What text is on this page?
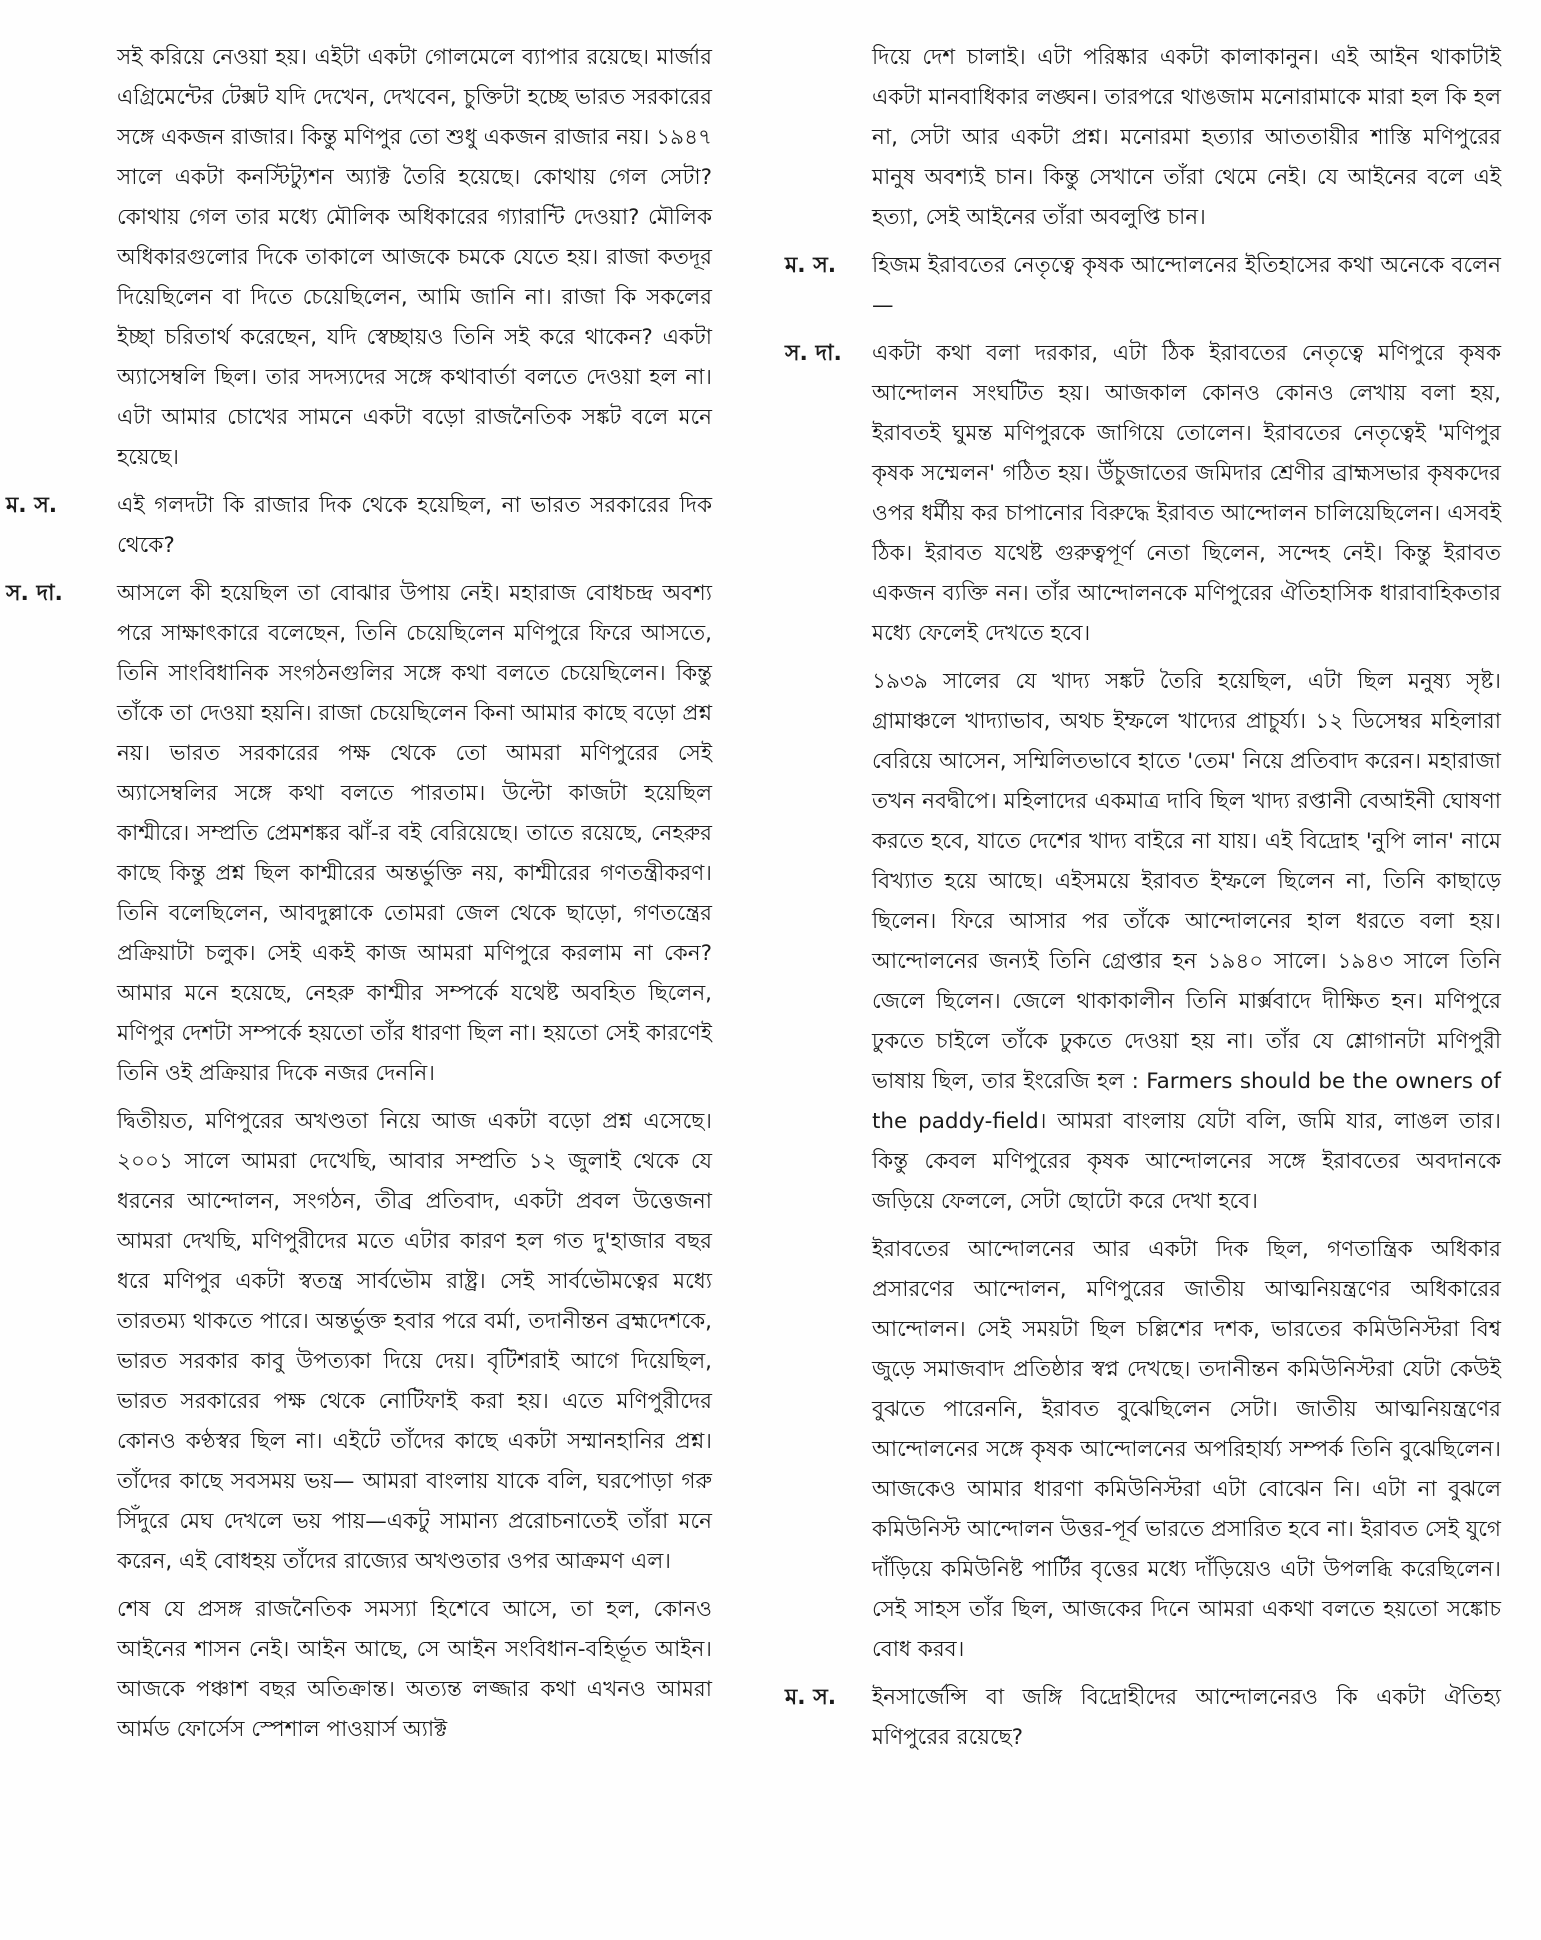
সই করিয়ে নেওয়া হয়। এইটা একটা গোলমেলে ব্যাপার রয়েছে। মার্জার এগ্রিমেন্টের টেক্সট যদি দেখেন, দেখবেন, চুক্তিটা হচ্ছে ভারত সরকারের সঙ্গে একজন রাজার। কিন্তু মণিপুর তো শুধু একজন রাজার নয়। ১৯৪৭ সালে একটা কনস্টিট্যুশন অ্যাক্ট তৈরি হয়েছে। কোথায় গেল সেটা? কোথায় গেল তার মধ্যে মৌলিক অধিকারের গ্যারান্টি দেওয়া? মৌলিক অধিকারগুলোর দিকে তাকালে আজকে চমকে যেতে হয়। রাজা কতদূর দিয়েছিলেন বা দিতে চেয়েছিলেন, আমি জানি না। রাজা কি সকলের ইচ্ছা চরিতার্থ করেছেন, যদি স্বেচ্ছায়ও তিনি সই করে থাকেন? একটা অ্যাসেম্বলি ছিল। তার সদস্যদের সঙ্গে কথাবার্তা বলতে দেওয়া হল না। এটা আমার চোখের সামনে একটা বড়ো রাজনৈতিক সঙ্কট বলে মনে হয়েছে।
ম. স.	এই গলদটা কি রাজার দিক থেকে হয়েছিল, না ভারত সরকারের দিক থেকে?
স. দা.	আসলে কী হয়েছিল তা বোঝার উপায় নেই। মহারাজ বোধচন্দ্র অবশ্য পরে সাক্ষাৎকারে বলেছেন, তিনি চেয়েছিলেন মণিপুরে ফিরে আসতে, তিনি সাংবিধানিক সংগঠনগুলির সঙ্গে কথা বলতে চেয়েছিলেন। কিন্তু তাঁকে তা দেওয়া হয়নি। রাজা চেয়েছিলেন কিনা আমার কাছে বড়ো প্রশ্ন নয়। ভারত সরকারের পক্ষ থেকে তো আমরা মণিপুরের সেই অ্যাসেম্বলির সঙ্গে কথা বলতে পারতাম। উল্টো কাজটা হয়েছিল কাশ্মীরে। সম্প্রতি প্রেমশঙ্কর ঝাঁ-র বই বেরিয়েছে। তাতে রয়েছে, নেহরুর কাছে কিন্তু প্রশ্ন ছিল কাশ্মীরের অন্তর্ভুক্তি নয়, কাশ্মীরের গণতন্ত্রীকরণ। তিনি বলেছিলেন, আবদুল্লাকে তোমরা জেল থেকে ছাড়ো, গণতন্ত্রের প্রক্রিয়াটা চলুক। সেই একই কাজ আমরা মণিপুরে করলাম না কেন? আমার মনে হয়েছে, নেহরু কাশ্মীর সম্পর্কে যথেষ্ট অবহিত ছিলেন, মণিপুর দেশটা সম্পর্কে হয়তো তাঁর ধারণা ছিল না। হয়তো সেই কারণেই তিনি ওই প্রক্রিয়ার দিকে নজর দেননি।
দ্বিতীয়ত, মণিপুরের অখণ্ডতা নিয়ে আজ একটা বড়ো প্রশ্ন এসেছে। ২০০১ সালে আমরা দেখেছি, আবার সম্প্রতি ১২ জুলাই থেকে যে ধরনের আন্দোলন, সংগঠন, তীব্র প্রতিবাদ, একটা প্রবল উত্তেজনা আমরা দেখছি, মণিপুরীদের মতে এটার কারণ হল গত দু'হাজার বছর ধরে মণিপুর একটা স্বতন্ত্র সার্বভৌম রাষ্ট্র। সেই সার্বভৌমত্বের মধ্যে তারতম্য থাকতে পারে। অন্তর্ভুক্ত হবার পরে বর্মা, তদানীন্তন ব্রহ্মদেশকে, ভারত সরকার কাবু উপত্যকা দিয়ে দেয়। বৃটিশরাই আগে দিয়েছিল, ভারত সরকারের পক্ষ থেকে নোটিফাই করা হয়। এতে মণিপুরীদের কোনও কণ্ঠস্বর ছিল না। এইটে তাঁদের কাছে একটা সম্মানহানির প্রশ্ন। তাঁদের কাছে সবসময় ভয়— আমরা বাংলায় যাকে বলি, ঘরপোড়া গরু সিঁদুরে মেঘ দেখলে ভয় পায়—একটু সামান্য প্ররোচনাতেই তাঁরা মনে করেন, এই বোধহয় তাঁদের রাজ্যের অখণ্ডতার ওপর আক্রমণ এল।
শেষ যে প্রসঙ্গ রাজনৈতিক সমস্যা হিশেবে আসে, তা হল, কোনও আইনের শাসন নেই। আইন আছে, সে আইন সংবিধান-বহির্ভূত আইন। আজকে পঞ্চাশ বছর অতিক্রান্ত। অত্যন্ত লজ্জার কথা এখনও আমরা আর্মড ফোর্সেস স্পেশাল পাওয়ার্স অ্যাক্ট
দিয়ে দেশ চালাই। এটা পরিষ্কার একটা কালাকানুন। এই আইন থাকাটাই একটা মানবাধিকার লঙ্ঘন। তারপরে থাঙজাম মনোরামাকে মারা হল কি হল না, সেটা আর একটা প্রশ্ন। মনোরমা হত্যার আততায়ীর শাস্তি মণিপুরের মানুষ অবশ্যই চান। কিন্তু সেখানে তাঁরা থেমে নেই। যে আইনের বলে এই হত্যা, সেই আইনের তাঁরা অবলুপ্তি চান।
ম. স.	হিজম ইরাবতের নেতৃত্বে কৃষক আন্দোলনের ইতিহাসের কথা অনেকে বলেন—
স. দা.	একটা কথা বলা দরকার, এটা ঠিক ইরাবতের নেতৃত্বে মণিপুরে কৃষক আন্দোলন সংঘটিত হয়। আজকাল কোনও কোনও লেখায় বলা হয়, ইরাবতই ঘুমন্ত মণিপুরকে জাগিয়ে তোলেন। ইরাবতের নেতৃত্বেই 'মণিপুর কৃষক সম্মেলন' গঠিত হয়। উঁচুজাতের জমিদার শ্রেণীর ব্রাহ্মসভার কৃষকদের ওপর ধর্মীয় কর চাপানোর বিরুদ্ধে ইরাবত আন্দোলন চালিয়েছিলেন। এসবই ঠিক। ইরাবত যথেষ্ট গুরুত্বপূর্ণ নেতা ছিলেন, সন্দেহ নেই। কিন্তু ইরাবত একজন ব্যক্তি নন। তাঁর আন্দোলনকে মণিপুরের ঐতিহাসিক ধারাবাহিকতার মধ্যে ফেলেই দেখতে হবে।
১৯৩৯ সালের যে খাদ্য সঙ্কট তৈরি হয়েছিল, এটা ছিল মনুষ্য সৃষ্ট। গ্রামাঞ্চলে খাদ্যাভাব, অথচ ইম্ফলে খাদ্যের প্রাচুর্য্য। ১২ ডিসেম্বর মহিলারা বেরিয়ে আসেন, সম্মিলিতভাবে হাতে 'তেম' নিয়ে প্রতিবাদ করেন। মহারাজা তখন নবদ্বীপে। মহিলাদের একমাত্র দাবি ছিল খাদ্য রপ্তানী বেআইনী ঘোষণা করতে হবে, যাতে দেশের খাদ্য বাইরে না যায়। এই বিদ্রোহ 'নুপি লান' নামে বিখ্যাত হয়ে আছে। এইসময়ে ইরাবত ইম্ফলে ছিলেন না, তিনি কাছাড়ে ছিলেন। ফিরে আসার পর তাঁকে আন্দোলনের হাল ধরতে বলা হয়। আন্দোলনের জন্যই তিনি গ্রেপ্তার হন ১৯৪০ সালে। ১৯৪৩ সালে তিনি জেলে ছিলেন। জেলে থাকাকালীন তিনি মার্ক্সবাদে দীক্ষিত হন। মণিপুরে ঢুকতে চাইলে তাঁকে ঢুকতে দেওয়া হয় না। তাঁর যে শ্লোগানটা মণিপুরী ভাষায় ছিল, তার ইংরেজি হল : Farmers should be the owners of the paddy-field। আমরা বাংলায় যেটা বলি, জমি যার, লাঙল তার। কিন্তু কেবল মণিপুরের কৃষক আন্দোলনের সঙ্গে ইরাবতের অবদানকে জড়িয়ে ফেললে, সেটা ছোটো করে দেখা হবে।
ইরাবতের আন্দোলনের আর একটা দিক ছিল, গণতান্ত্রিক অধিকার প্রসারণের আন্দোলন, মণিপুরের জাতীয় আত্মনিয়ন্ত্রণের অধিকারের আন্দোলন। সেই সময়টা ছিল চল্লিশের দশক, ভারতের কমিউনিস্টরা বিশ্ব জুড়ে সমাজবাদ প্রতিষ্ঠার স্বপ্ন দেখছে। তদানীন্তন কমিউনিস্টরা যেটা কেউই বুঝতে পারেননি, ইরাবত বুঝেছিলেন সেটা। জাতীয় আত্মনিয়ন্ত্রণের আন্দোলনের সঙ্গে কৃষক আন্দোলনের অপরিহার্য্য সম্পর্ক তিনি বুঝেছিলেন। আজকেও আমার ধারণা কমিউনিস্টরা এটা বোঝেন নি। এটা না বুঝলে কমিউনিস্ট আন্দোলন উত্তর-পূর্ব ভারতে প্রসারিত হবে না। ইরাবত সেই যুগে দাঁড়িয়ে কমিউনিষ্ট পার্টির বৃত্তের মধ্যে দাঁড়িয়েও এটা উপলব্ধি করেছিলেন। সেই সাহস তাঁর ছিল, আজকের দিনে আমরা একথা বলতে হয়তো সঙ্কোচ বোধ করব।
ম. স.	ইনসার্জেন্সি বা জঙ্গি বিদ্রোহীদের আন্দোলনেরও কি একটা ঐতিহ্য মণিপুরের রয়েছে?
